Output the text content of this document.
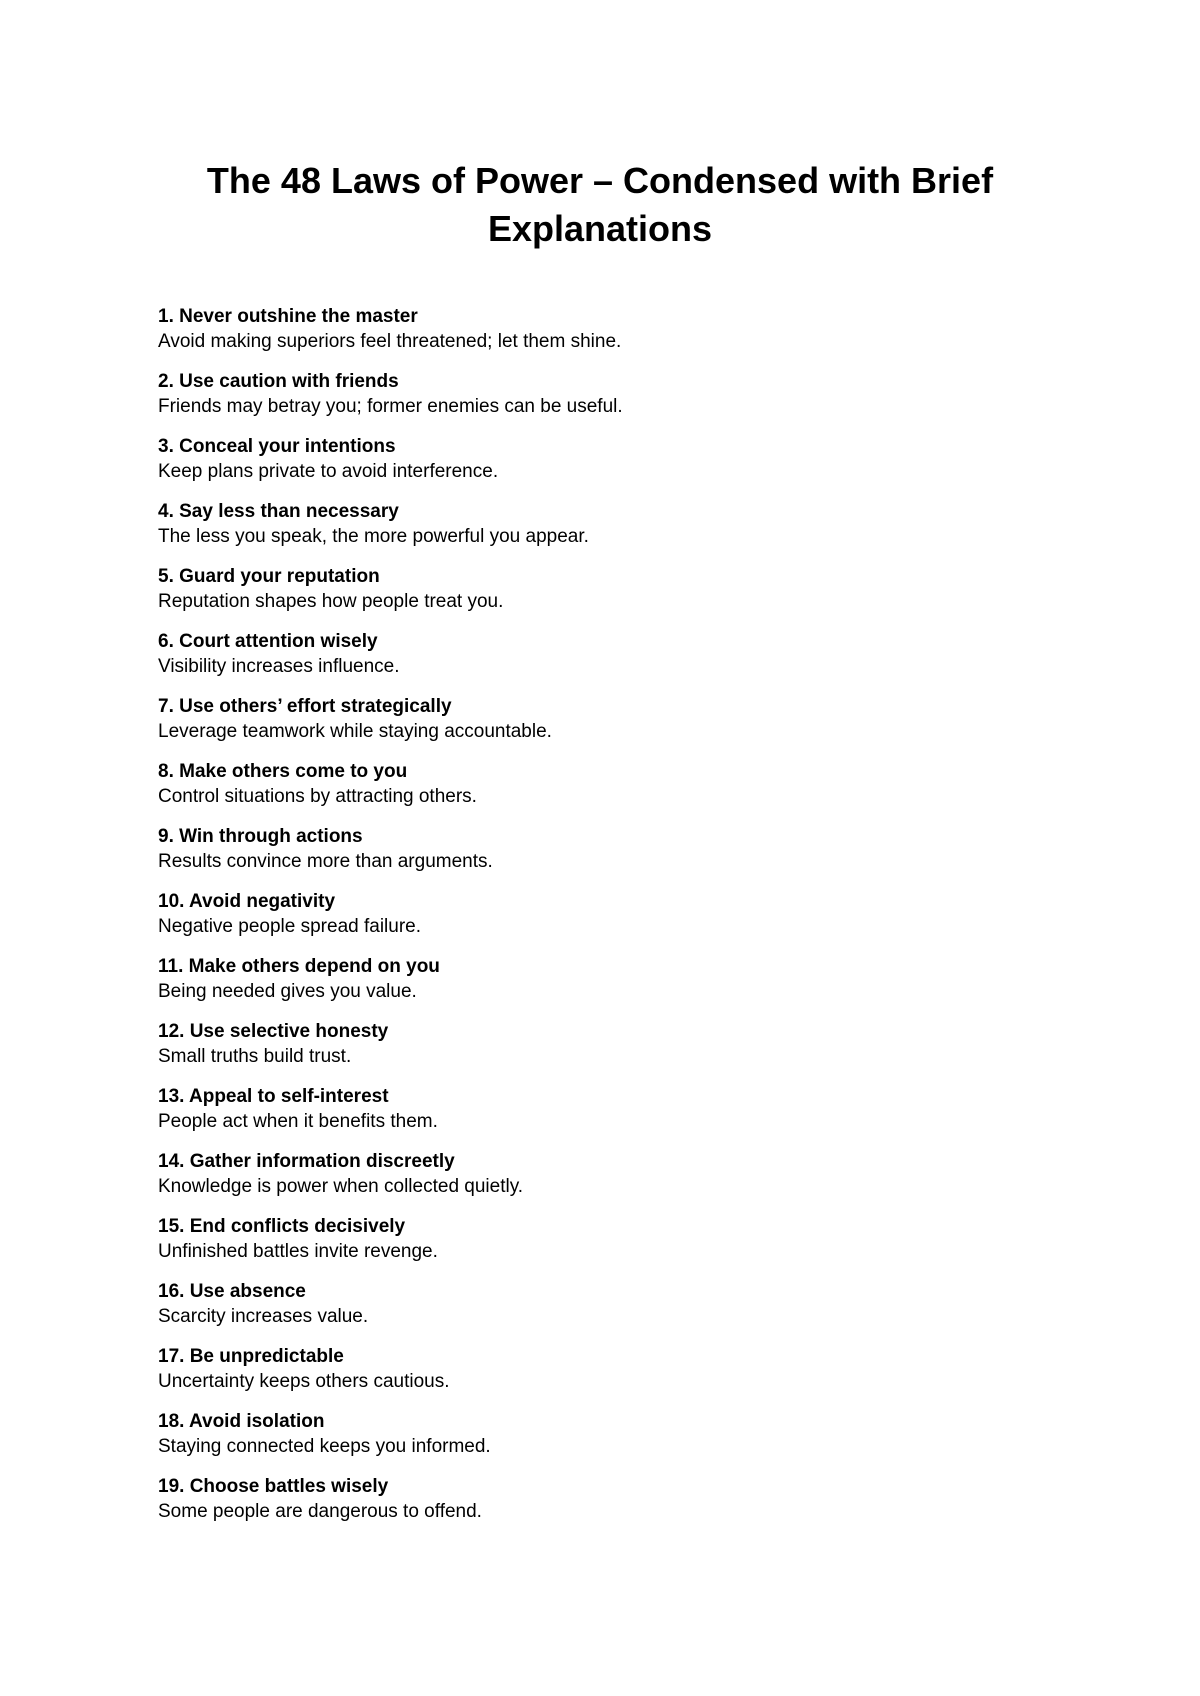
The 48 Laws of Power – Condensed with Brief Explanations
1. Never outshine the master
Avoid making superiors feel threatened; let them shine.
2. Use caution with friends
Friends may betray you; former enemies can be useful.
3. Conceal your intentions
Keep plans private to avoid interference.
4. Say less than necessary
The less you speak, the more powerful you appear.
5. Guard your reputation
Reputation shapes how people treat you.
6. Court attention wisely
Visibility increases influence.
7. Use others’ effort strategically
Leverage teamwork while staying accountable.
8. Make others come to you
Control situations by attracting others.
9. Win through actions
Results convince more than arguments.
10. Avoid negativity
Negative people spread failure.
11. Make others depend on you
Being needed gives you value.
12. Use selective honesty
Small truths build trust.
13. Appeal to self-interest
People act when it benefits them.
14. Gather information discreetly
Knowledge is power when collected quietly.
15. End conflicts decisively
Unfinished battles invite revenge.
16. Use absence
Scarcity increases value.
17. Be unpredictable
Uncertainty keeps others cautious.
18. Avoid isolation
Staying connected keeps you informed.
19. Choose battles wisely
Some people are dangerous to offend.
